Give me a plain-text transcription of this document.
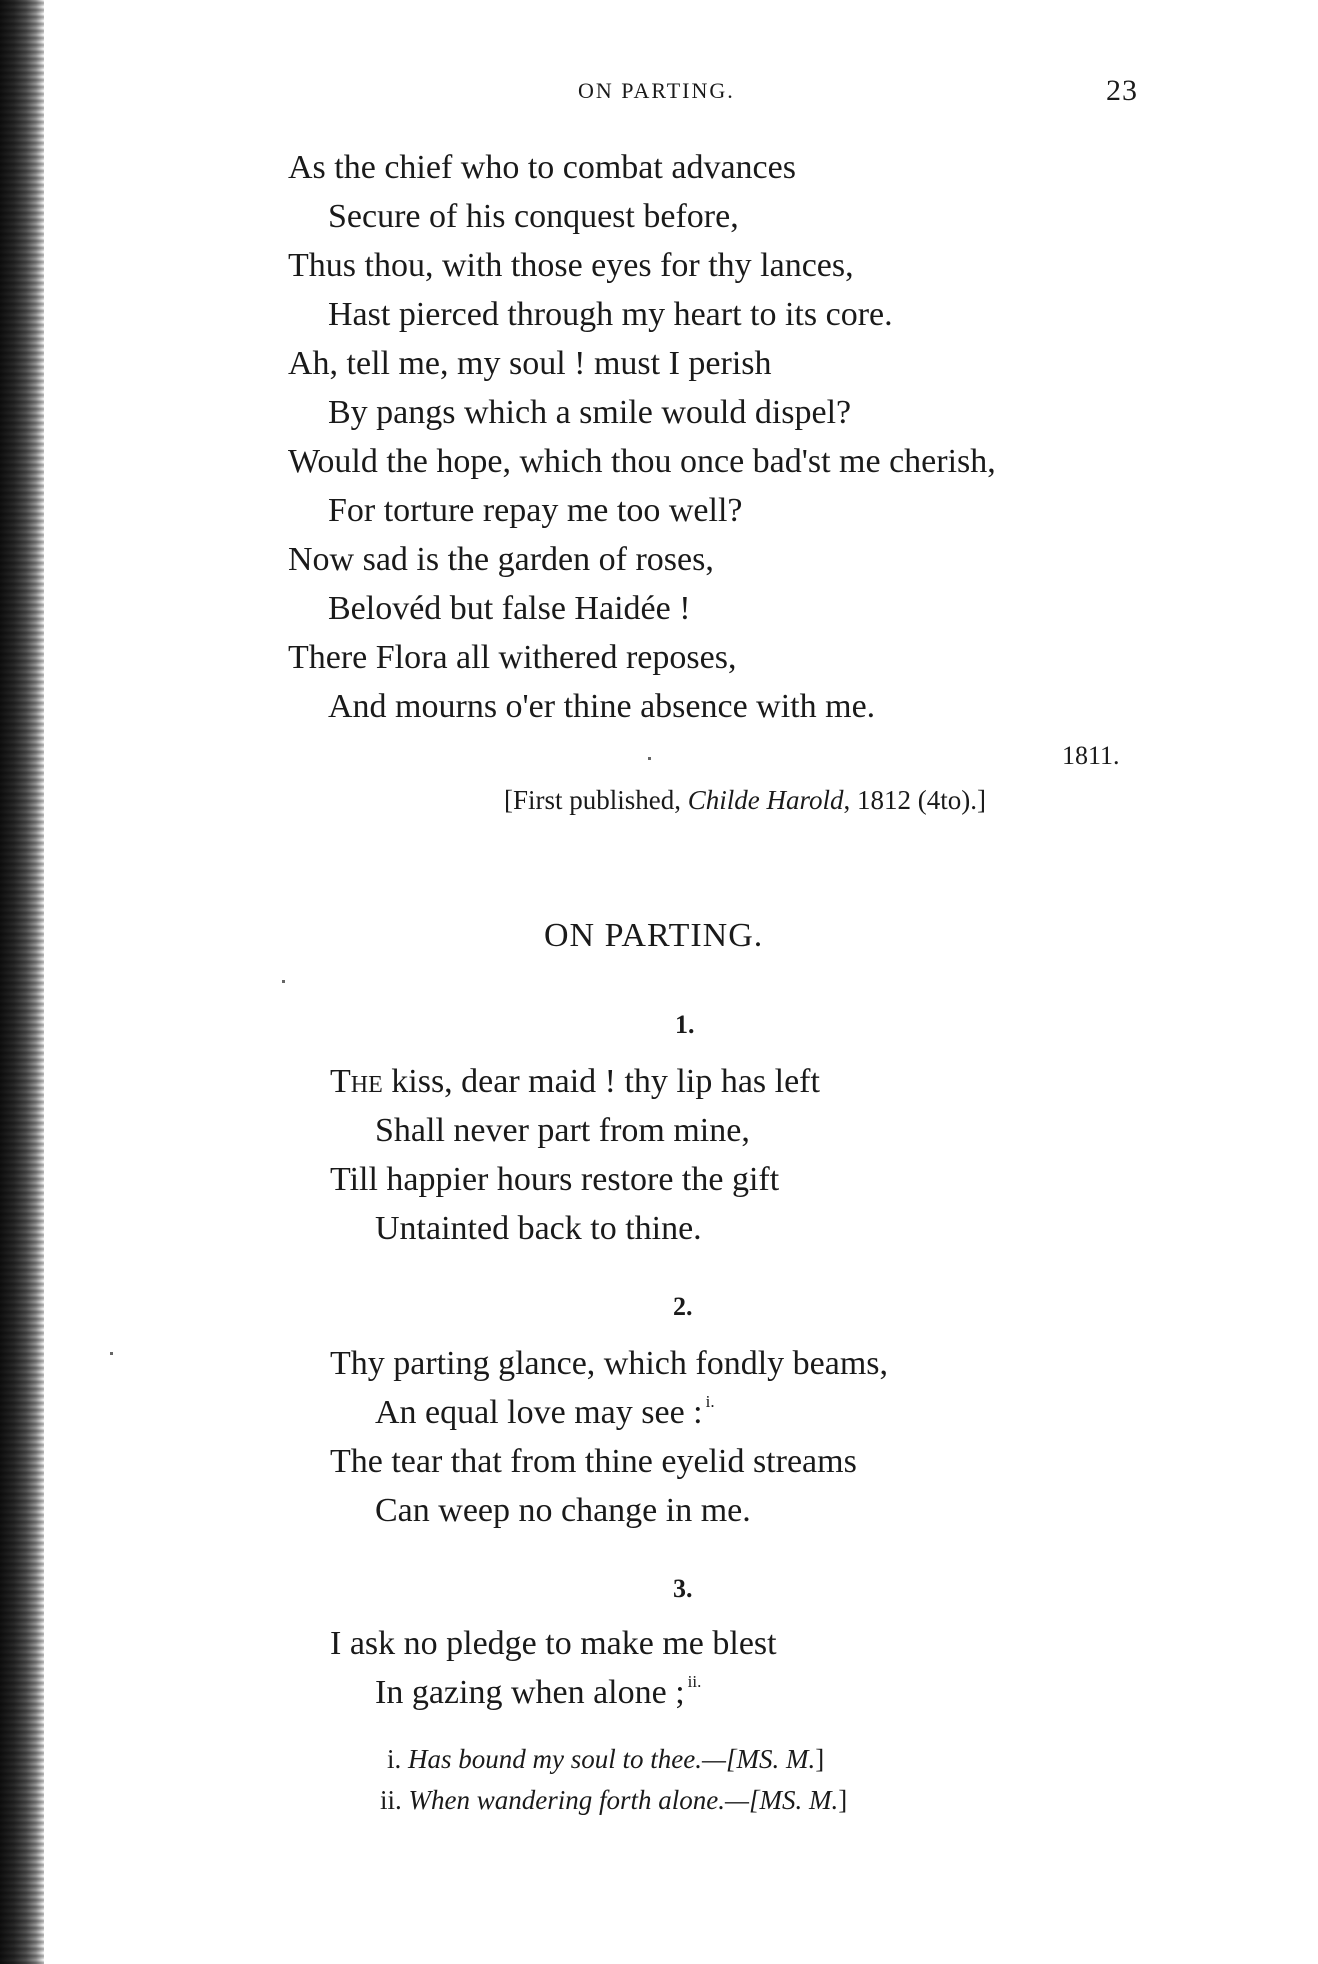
ON PARTING.	23
As the chief who to combat advances
Secure of his conquest before,
Thus thou, with those eyes for thy lances,
Hast pierced through my heart to its core.
Ah, tell me, my soul ! must I perish
By pangs which a smile would dispel?
Would the hope, which thou once bad'st me cherish,
For torture repay me too well?
Now sad is the garden of roses,
Belovéd but false Haidée !
There Flora all withered reposes,
And mourns o'er thine absence with me.
1811.
[First published, Childe Harold, 1812 (4to).]
ON PARTING.
1.
The kiss, dear maid ! thy lip has left
Shall never part from mine,
Till happier hours restore the gift
Untainted back to thine.
2.
Thy parting glance, which fondly beams,
An equal love may see : $^{i.}$
The tear that from thine eyelid streams
Can weep no change in me.
3.
I ask no pledge to make me blest
In gazing when alone ; $^{ii.}$
i. Has bound my soul to thee.—[MS. M.]
ii. When wandering forth alone.—[MS. M.]
